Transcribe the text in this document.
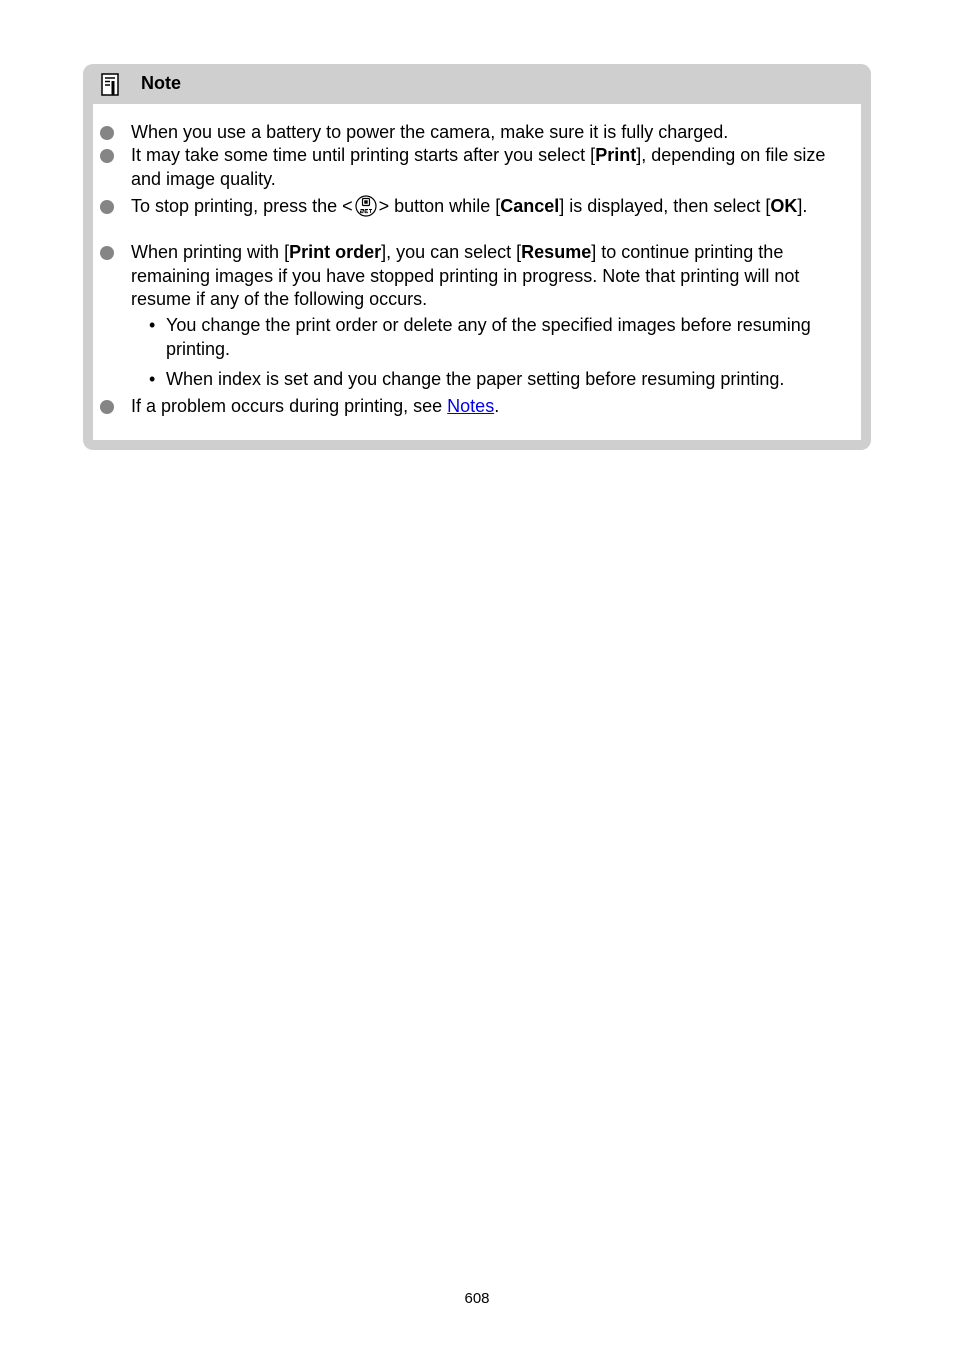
Note
When you use a battery to power the camera, make sure it is fully charged.
It may take some time until printing starts after you select [Print], depending on file size and image quality.
To stop printing, press the < > button while [Cancel] is displayed, then select [OK].
When printing with [Print order], you can select [Resume] to continue printing the remaining images if you have stopped printing in progress. Note that printing will not resume if any of the following occurs.
• You change the print order or delete any of the specified images before resuming printing.
• When index is set and you change the paper setting before resuming printing.
If a problem occurs during printing, see Notes.
608
